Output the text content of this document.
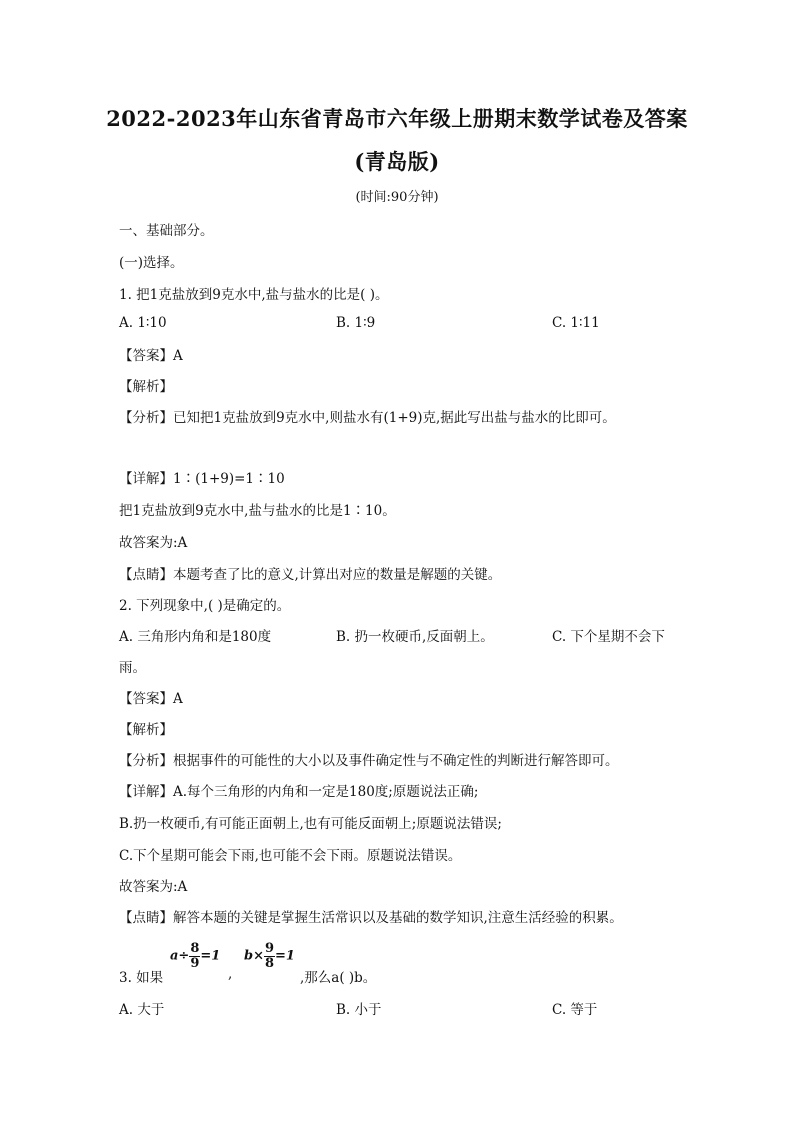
2022-2023年山东省青岛市六年级上册期末数学试卷及答案
(青岛版)
(时间:90分钟)
一、基础部分。
(一)选择。
1. 把1克盐放到9克水中,盐与盐水的比是( )。
A. 1∶10	B. 1∶9	C. 1∶11
【答案】A
【解析】
【分析】已知把1克盐放到9克水中,则盐水有(1+9)克,据此写出盐与盐水的比即可。
【详解】1∶(1+9)=1∶10
把1克盐放到9克水中,盐与盐水的比是1∶10。
故答案为:A
【点睛】本题考查了比的意义,计算出对应的数量是解题的关键。
2. 下列现象中,( )是确定的。
A. 三角形内角和是180度	B. 扔一枚硬币,反面朝上。	C. 下个星期不会下
雨。
【答案】A
【解析】
【分析】根据事件的可能性的大小以及事件确定性与不确定性的判断进行解答即可。
【详解】A.每个三角形的内角和一定是180度;原题说法正确;
B.扔一枚硬币,有可能正面朝上,也有可能反面朝上;原题说法错误;
C.下个星期可能会下雨,也可能不会下雨。原题说法错误。
故答案为:A
【点睛】解答本题的关键是掌握生活常识以及基础的数学知识,注意生活经验的积累。
3. 如果
$a\div \frac{8}{9} =1$
,
$b\times \frac{9}{8} =1$
,那么a( )b。
A. 大于	B. 小于	C. 等于
